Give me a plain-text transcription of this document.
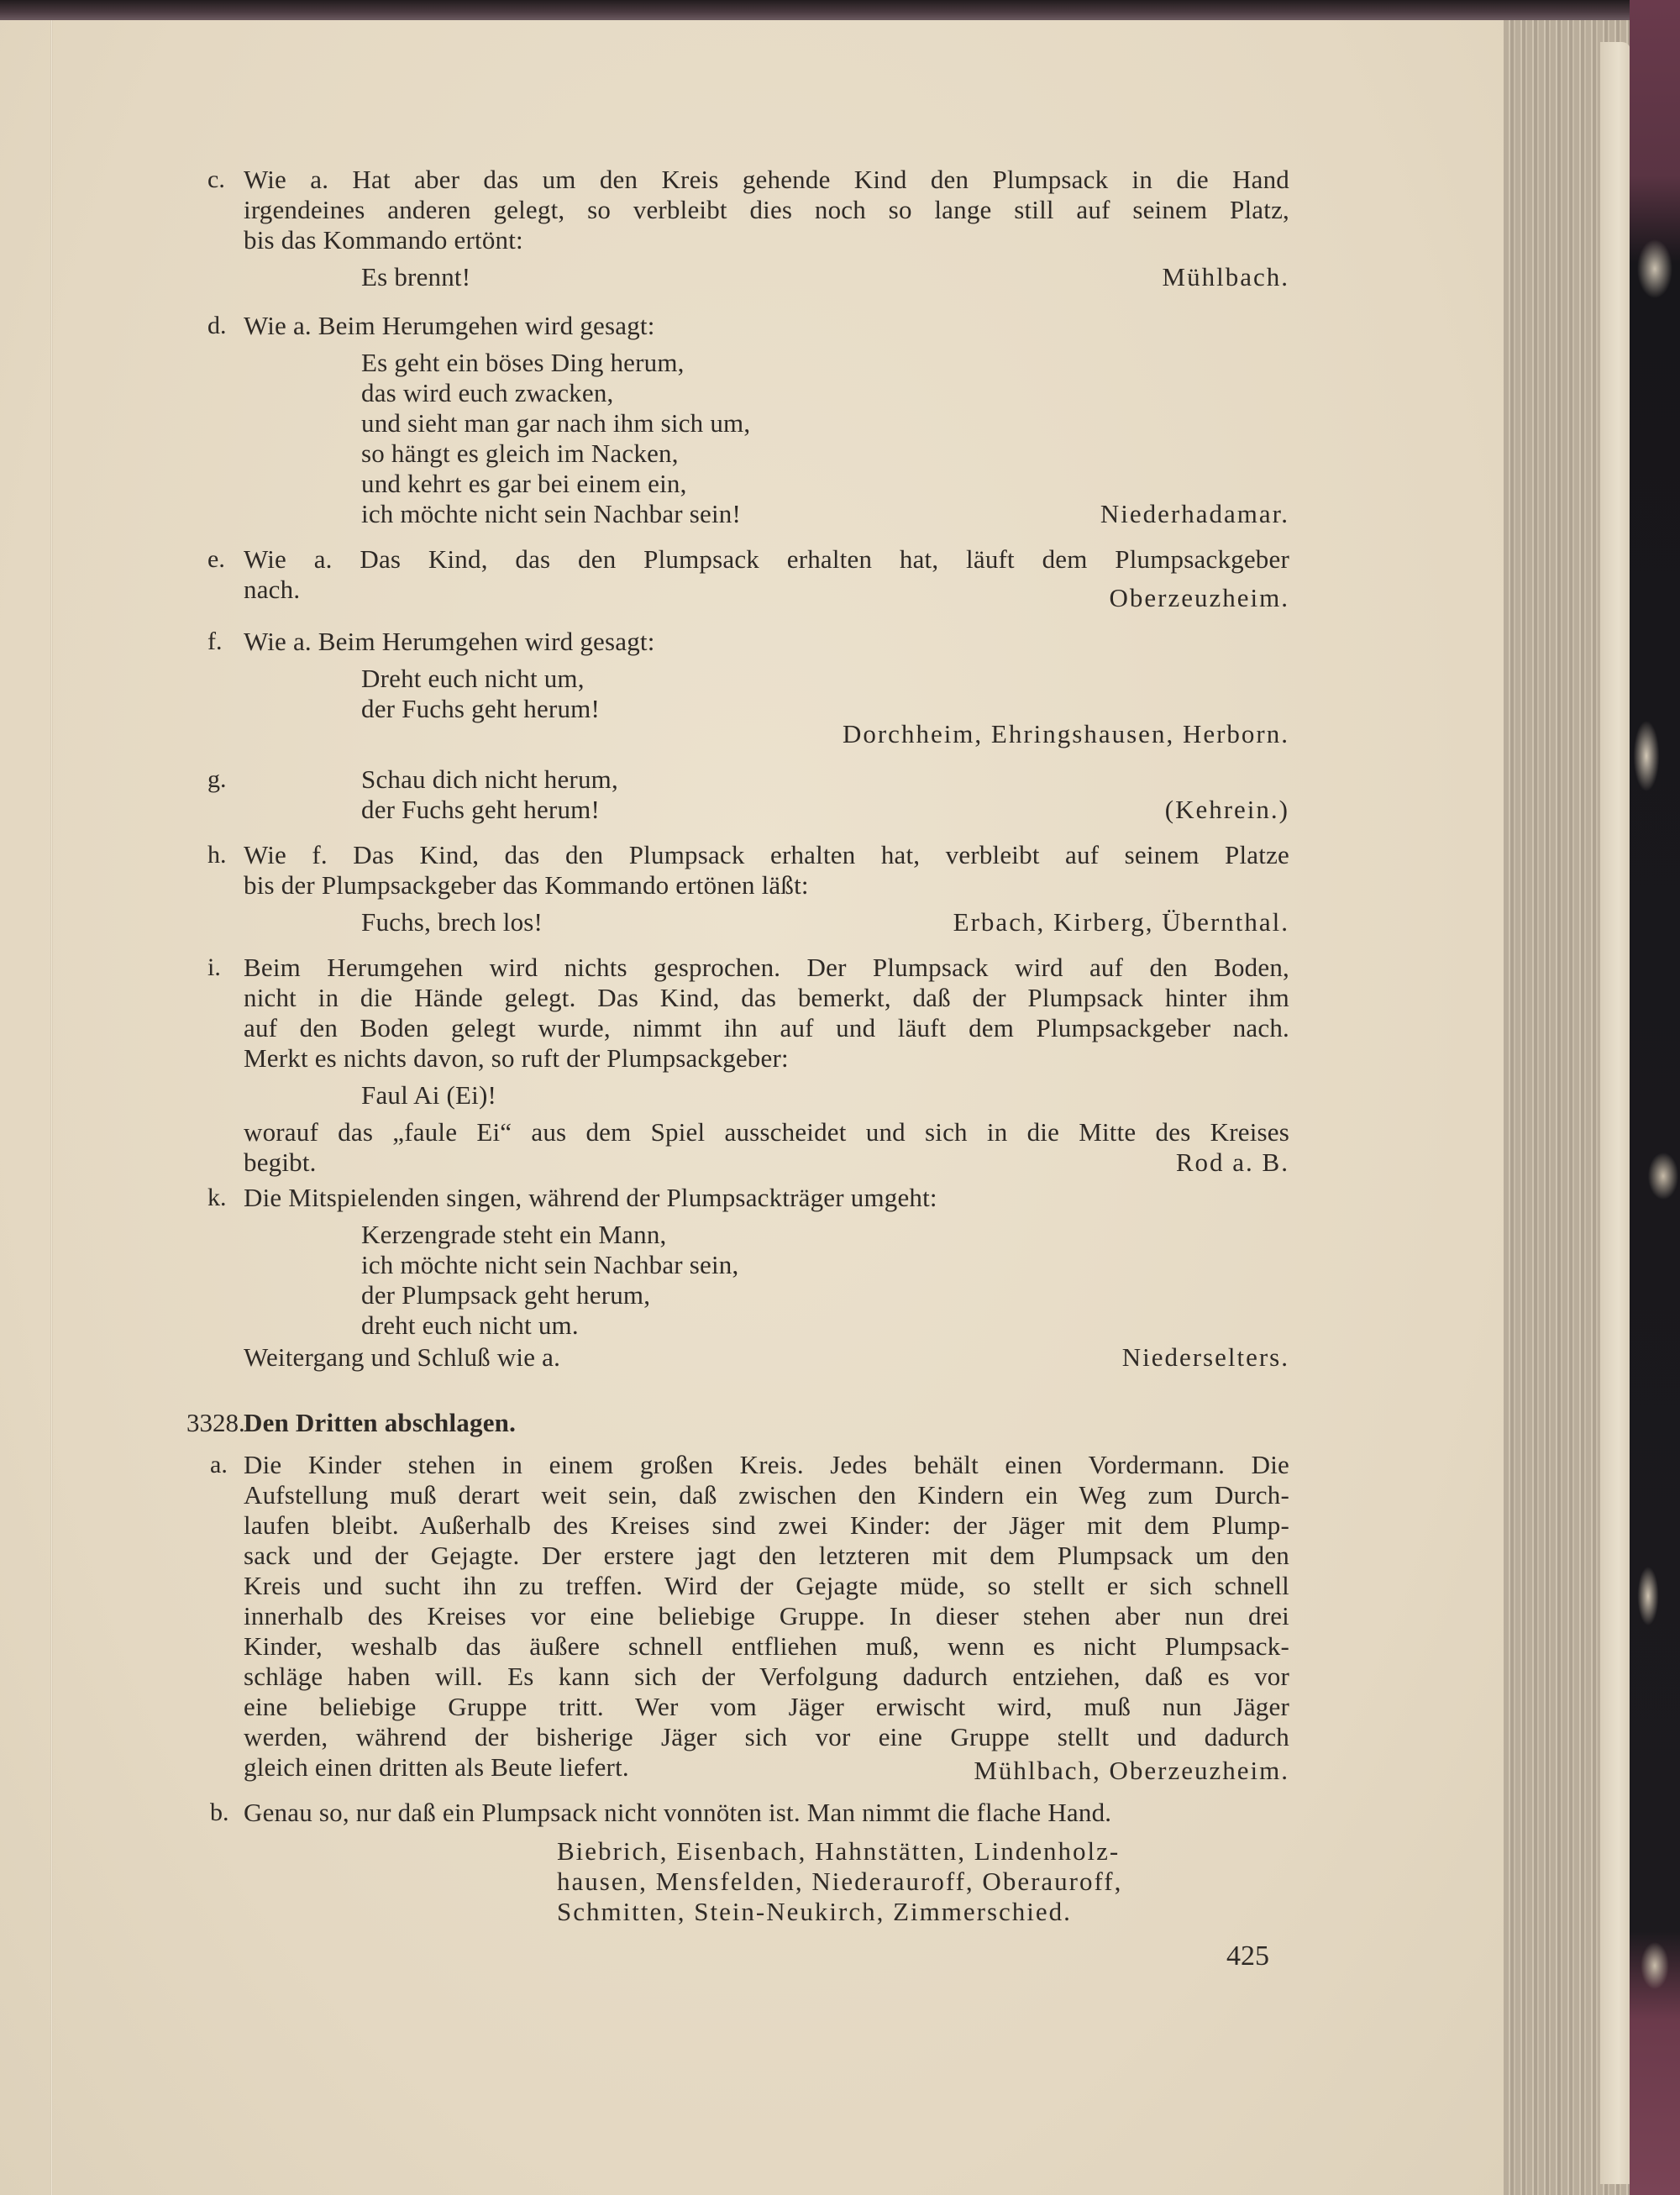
c. Wie a. Hat aber das um den Kreis gehende Kind den Plumpsack in die Hand
irgendeines anderen gelegt, so verbleibt dies noch so lange still auf seinem Platz,
bis das Kommando ertönt:
Es brennt!	Mühlbach.
d. Wie a. Beim Herumgehen wird gesagt:
Es geht ein böses Ding herum,
das wird euch zwacken,
und sieht man gar nach ihm sich um,
so hängt es gleich im Nacken,
und kehrt es gar bei einem ein,
ich möchte nicht sein Nachbar sein!	Niederhadamar.
e. Wie a. Das Kind, das den Plumpsack erhalten hat, läuft dem Plumpsackgeber
nach.	Oberzeuzheim.
f. Wie a. Beim Herumgehen wird gesagt:
Dreht euch nicht um,
der Fuchs geht herum!
Dorchheim, Ehringshausen, Herborn.
g.	Schau dich nicht herum,
der Fuchs geht herum!	(Kehrein.)
h. Wie f. Das Kind, das den Plumpsack erhalten hat, verbleibt auf seinem Platze
bis der Plumpsackgeber das Kommando ertönen läßt:
Fuchs, brech los!	Erbach, Kirberg, Übernthal.
i. Beim Herumgehen wird nichts gesprochen. Der Plumpsack wird auf den Boden,
nicht in die Hände gelegt. Das Kind, das bemerkt, daß der Plumpsack hinter ihm
auf den Boden gelegt wurde, nimmt ihn auf und läuft dem Plumpsackgeber nach.
Merkt es nichts davon, so ruft der Plumpsackgeber:
Faul Ai (Ei)!
worauf das „faule Ei“ aus dem Spiel ausscheidet und sich in die Mitte des Kreises
begibt.	Rod a. B.
k. Die Mitspielenden singen, während der Plumpsackträger umgeht:
Kerzengrade steht ein Mann,
ich möchte nicht sein Nachbar sein,
der Plumpsack geht herum,
dreht euch nicht um.
Weitergang und Schluß wie a.	Niederselters.
3328.
Den Dritten abschlagen.
a. Die Kinder stehen in einem großen Kreis. Jedes behält einen Vordermann. Die
Aufstellung muß derart weit sein, daß zwischen den Kindern ein Weg zum Durch-
laufen bleibt. Außerhalb des Kreises sind zwei Kinder: der Jäger mit dem Plump-
sack und der Gejagte. Der erstere jagt den letzteren mit dem Plumpsack um den
Kreis und sucht ihn zu treffen. Wird der Gejagte müde, so stellt er sich schnell
innerhalb des Kreises vor eine beliebige Gruppe. In dieser stehen aber nun drei
Kinder, weshalb das äußere schnell entfliehen muß, wenn es nicht Plumpsack-
schläge haben will. Es kann sich der Verfolgung dadurch entziehen, daß es vor
eine beliebige Gruppe tritt. Wer vom Jäger erwischt wird, muß nun Jäger
werden, während der bisherige Jäger sich vor eine Gruppe stellt und dadurch
gleich einen dritten als Beute liefert.	Mühlbach, Oberzeuzheim.
b. Genau so, nur daß ein Plumpsack nicht vonnöten ist. Man nimmt die flache Hand.
Biebrich, Eisenbach, Hahnstätten, Lindenholz-
hausen, Mensfelden, Niederauroff, Oberauroff,
Schmitten, Stein-Neukirch, Zimmerschied.
425
